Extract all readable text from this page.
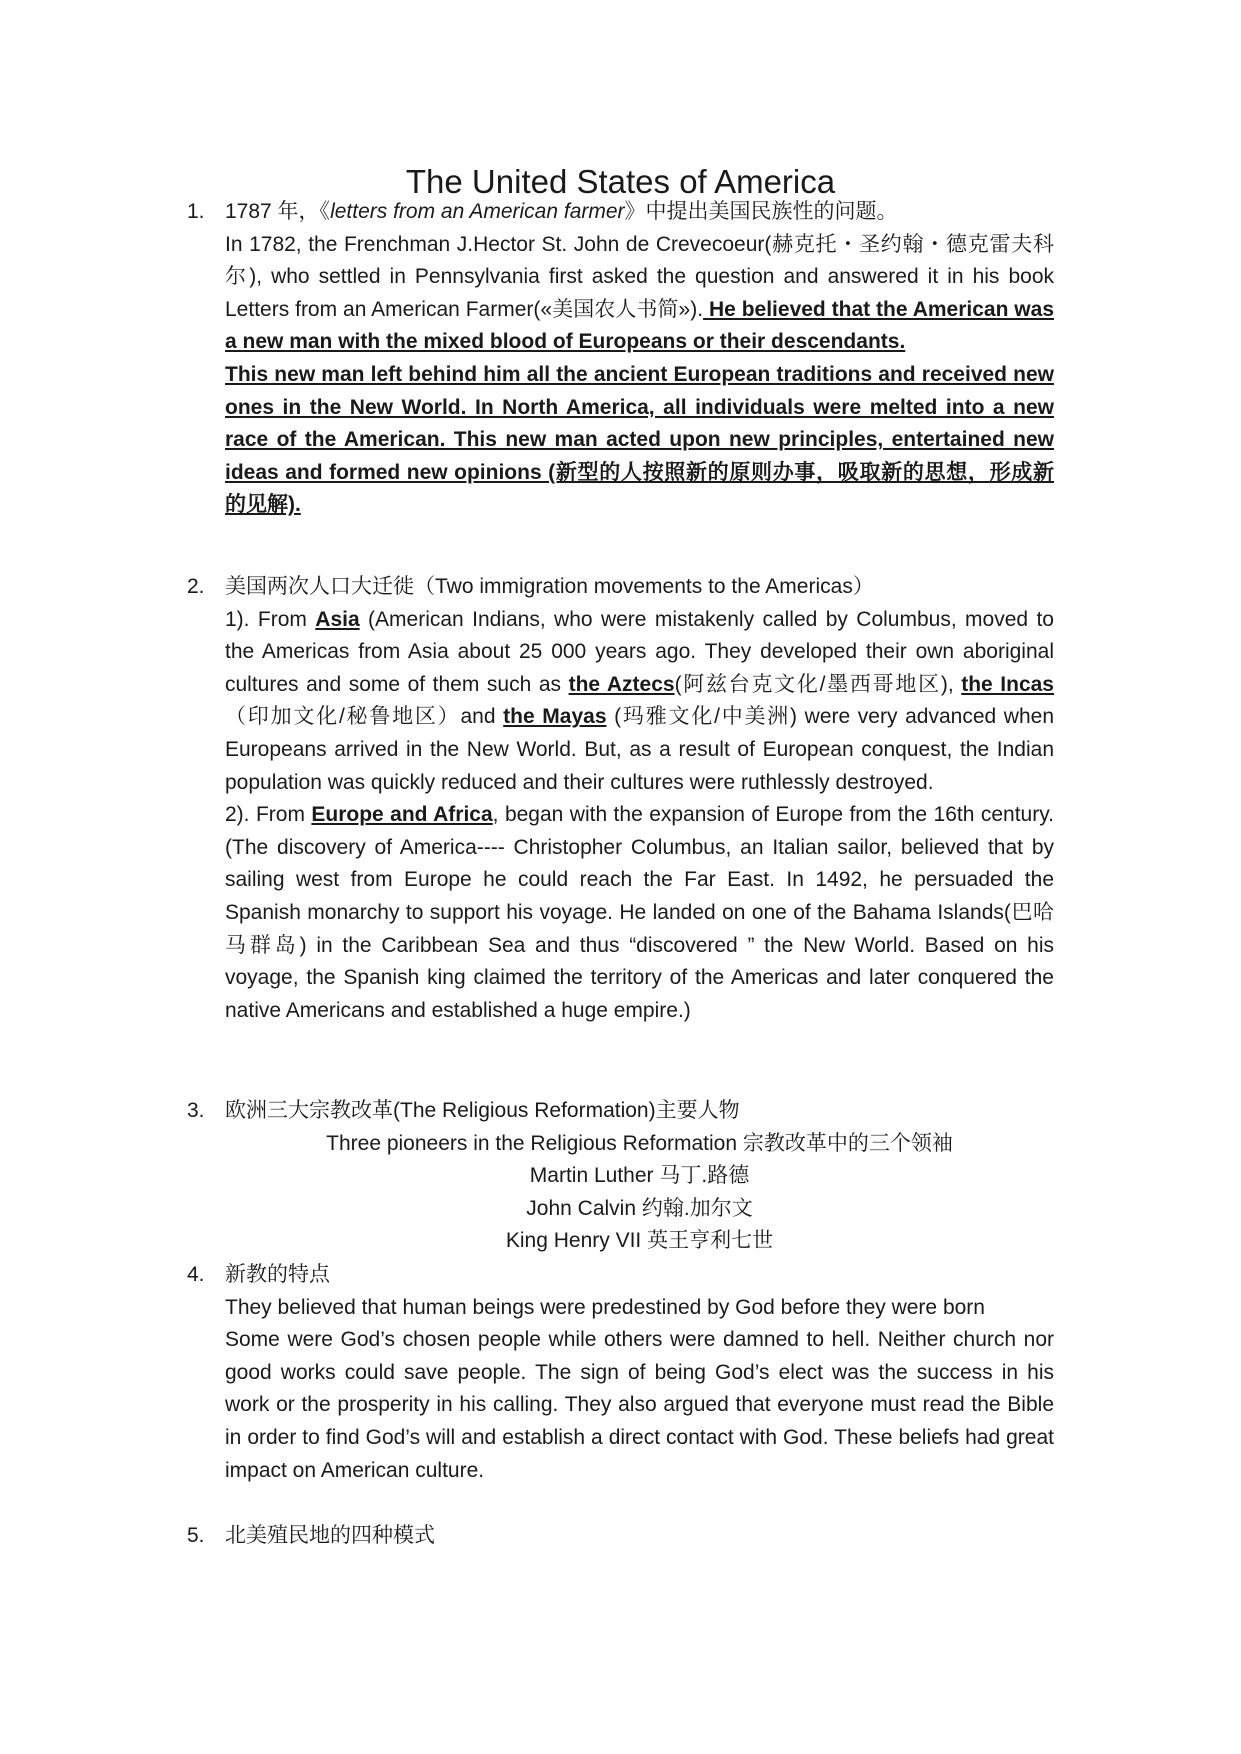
The United States of America
1. 1787 年，《letters from an American farmer》中提出美国民族性的问题。

In 1782, the Frenchman J.Hector St. John de Crevecoeur(赫克托・圣约翰・德克雷夫科尔), who settled in Pennsylvania first asked the question and answered it in his book Letters from an American Farmer(«美国农人书简»). He believed that the American was a new man with the mixed blood of Europeans or their descendants.

This new man left behind him all the ancient European traditions and received new ones in the New World. In North America, all individuals were melted into a new race of the American. This new man acted upon new principles, entertained new ideas and formed new opinions (新型的人按照新的原则办事，吸取新的思想，形成新的见解).

2. 美国两次人口大迁徙（Two immigration movements to the Americas）

1). From Asia (American Indians, who were mistakenly called by Columbus, moved to the Americas from Asia about 25 000 years ago. They developed their own aboriginal cultures and some of them such as the Aztecs(阿兹台克文化/墨西哥地区), the Incas（印加文化/秘鲁地区）and the Mayas (玛雅文化/中美洲) were very advanced when Europeans arrived in the New World. But, as a result of European conquest, the Indian population was quickly reduced and their cultures were ruthlessly destroyed.

2). From Europe and Africa, began with the expansion of Europe from the 16th century. (The discovery of America---- Christopher Columbus, an Italian sailor, believed that by sailing west from Europe he could reach the Far East. In 1492, he persuaded the Spanish monarchy to support his voyage. He landed on one of the Bahama Islands(巴哈马群岛) in the Caribbean Sea and thus “discovered ” the New World. Based on his voyage, the Spanish king claimed the territory of the Americas and later conquered the native Americans and established a huge empire.)

3. 欧洲三大宗教改革(The Religious Reformation)主要人物

Three pioneers in the Religious Reformation 宗教改革中的三个领袖

Martin Luther 马丁.路德

John Calvin 约翰.加尔文

King Henry VII 英王亨利七世

4. 新教的特点

They believed that human beings were predestined by God before they were born

Some were God’s chosen people while others were damned to hell. Neither church nor good works could save people. The sign of being God’s elect was the success in his work or the prosperity in his calling. They also argued that everyone must read the Bible in order to find God’s will and establish a direct contact with God. These beliefs had great impact on American culture.

5. 北美殖民地的四种模式
